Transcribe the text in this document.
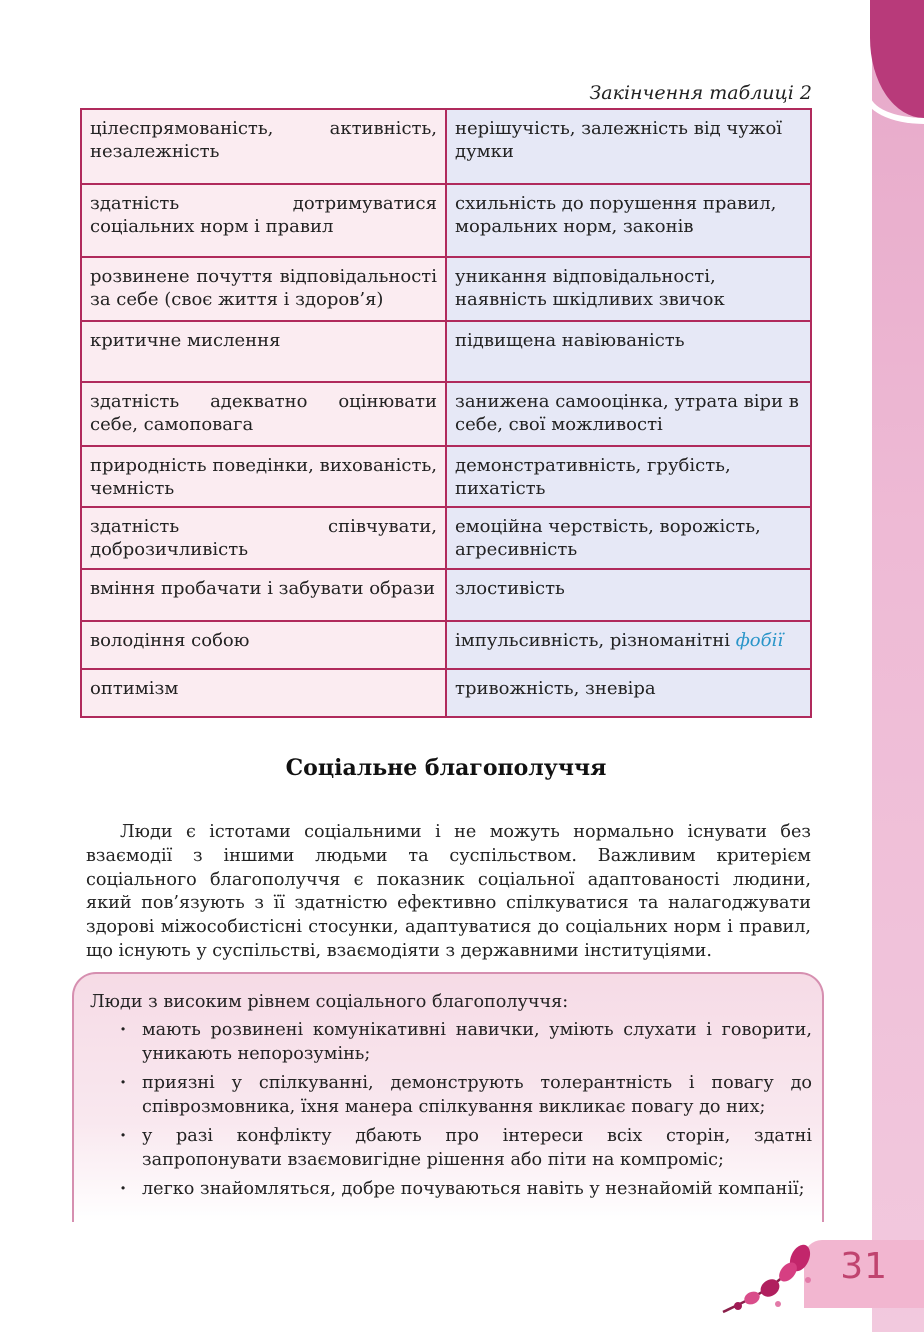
Закінчення таблиці 2
цілеспрямованість, активність, незалежність	нерішучість, залежність від чужої думки
здатність дотримуватися соціальних норм і правил	схильність до порушення правил, моральних норм, законів
розвинене почуття відповідальності за себе (своє життя і здоров’я)	уникання відповідальності, наявність шкідливих звичок
критичне мислення	підвищена навіюваність
здатність адекватно оцінювати себе, самоповага	занижена самооцінка, утрата віри в себе, свої можливості
природність поведінки, вихованість, чемність	демонстративність, грубість, пихатість
здатність співчувати, доброзичливість	емоційна черствість, ворожість, агресивність
вміння пробачати і забувати образи	злостивість
володіння собою	імпульсивність, різноманітні фобії
оптимізм	тривожність, зневіра
Соціальне благополуччя

Люди є істотами соціальними і не можуть нормально існувати без взаємодії з іншими людьми та суспільством. Важливим критерієм соціального благополуччя є показник соціальної адаптованості людини, який пов’язують з її здатністю ефективно спілкуватися та налагоджувати здорові міжособистісні стосунки, адаптуватися до соціальних норм і правил, що існують у суспільстві, взаємодіяти з державними інституціями.

Люди з високим рівнем соціального благополуччя:

· мають розвинені комунікативні навички, уміють слухати і говорити, уникають непорозумінь;
· приязні у спілкуванні, демонструють толерантність і повагу до співрозмовника, їхня манера спілкування викликає повагу до них;
· у разі конфлікту дбають про інтереси всіх сторін, здатні запропонувати взаємовигідне рішення або піти на компроміс;
· легко знайомляться, добре почуваються навіть у незнайомій компанії;
31
